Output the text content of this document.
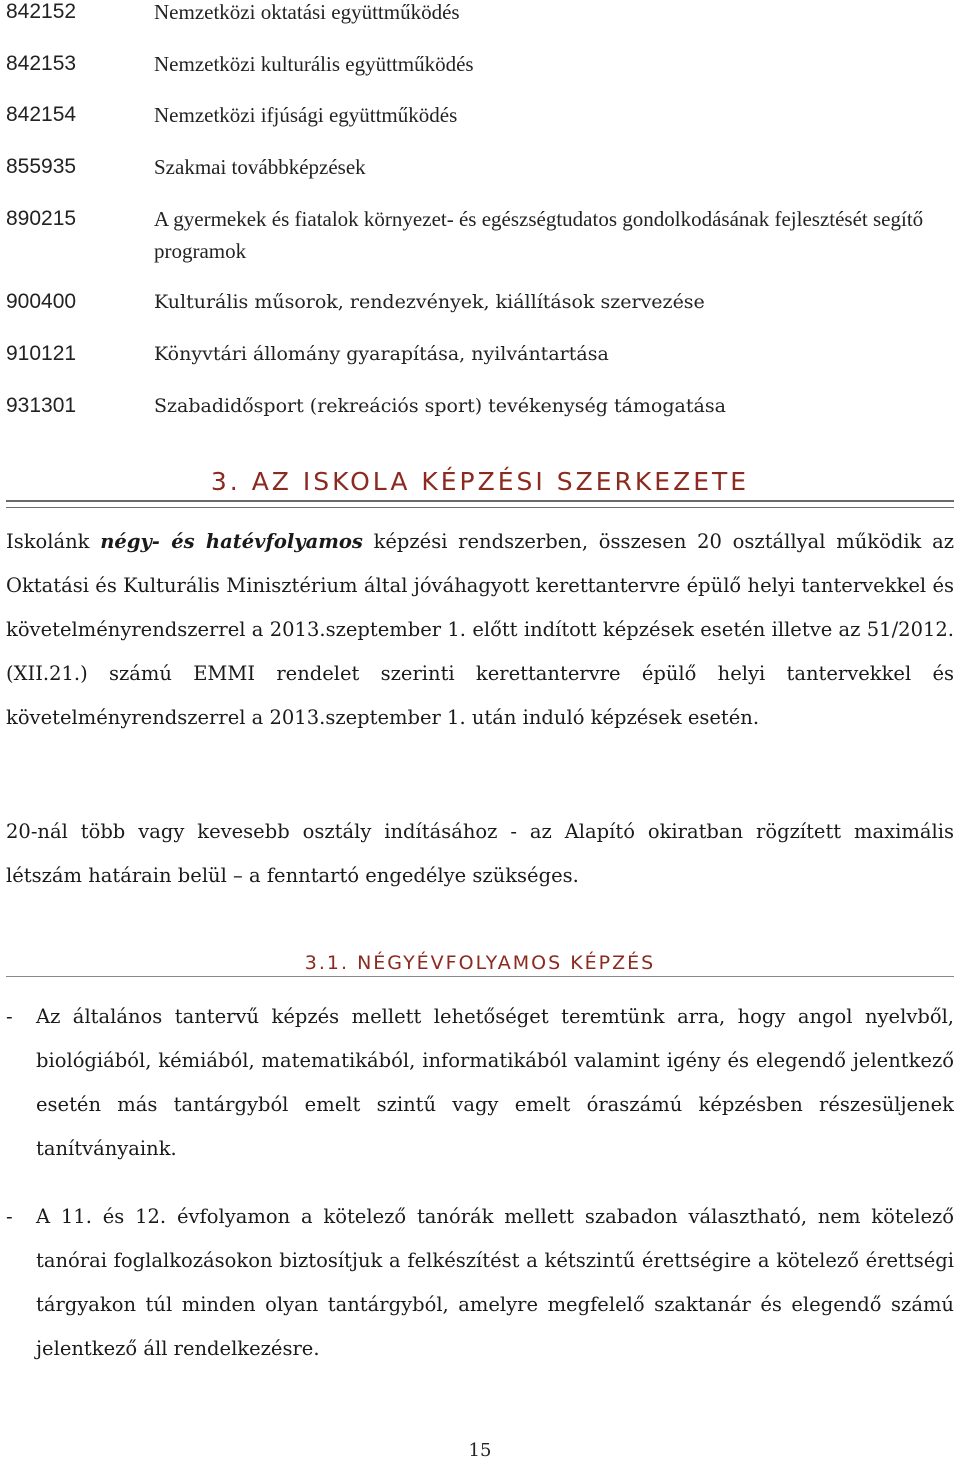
842152	Nemzetközi oktatási együttműködés
842153	Nemzetközi kulturális együttműködés
842154	Nemzetközi ifjúsági együttműködés
855935	Szakmai továbbképzések
890215	A gyermekek és fiatalok környezet- és egészségtudatos gondolkodásának fejlesztését segítő programok
900400	Kulturális műsorok, rendezvények, kiállítások szervezése
910121	Könyvtári állomány gyarapítása, nyilvántartása
931301	Szabadidősport (rekreációs sport) tevékenység támogatása
3. AZ ISKOLA KÉPZÉSI SZERKEZETE

Iskolánk négy- és hatévfolyamos képzési rendszerben, összesen 20 osztállyal működik az Oktatási és Kulturális Minisztérium által jóváhagyott kerettantervre épülő helyi tantervekkel és követelményrendszerrel a 2013.szeptember 1. előtt indított képzések esetén illetve az 51/2012.(XII.21.) számú EMMI rendelet szerinti kerettantervre épülő helyi tantervekkel és követelményrendszerrel a 2013.szeptember 1. után induló képzések esetén.

20-nál több vagy kevesebb osztály indításához - az Alapító okiratban rögzített maximális létszám határain belül – a fenntartó engedélye szükséges.

3.1. NÉGYÉVFOLYAMOS KÉPZÉS
- Az általános tantervű képzés mellett lehetőséget teremtünk arra, hogy angol nyelvből, biológiából, kémiából, matematikából, informatikából valamint igény és elegendő jelentkező esetén más tantárgyból emelt szintű vagy emelt óraszámú képzésben részesüljenek tanítványaink.

- A 11. és 12. évfolyamon a kötelező tanórák mellett szabadon választható, nem kötelező tanórai foglalkozásokon biztosítjuk a felkészítést a kétszintű érettségire a kötelező érettségi tárgyakon túl minden olyan tantárgyból, amelyre megfelelő szaktanár és elegendő számú jelentkező áll rendelkezésre.

15
